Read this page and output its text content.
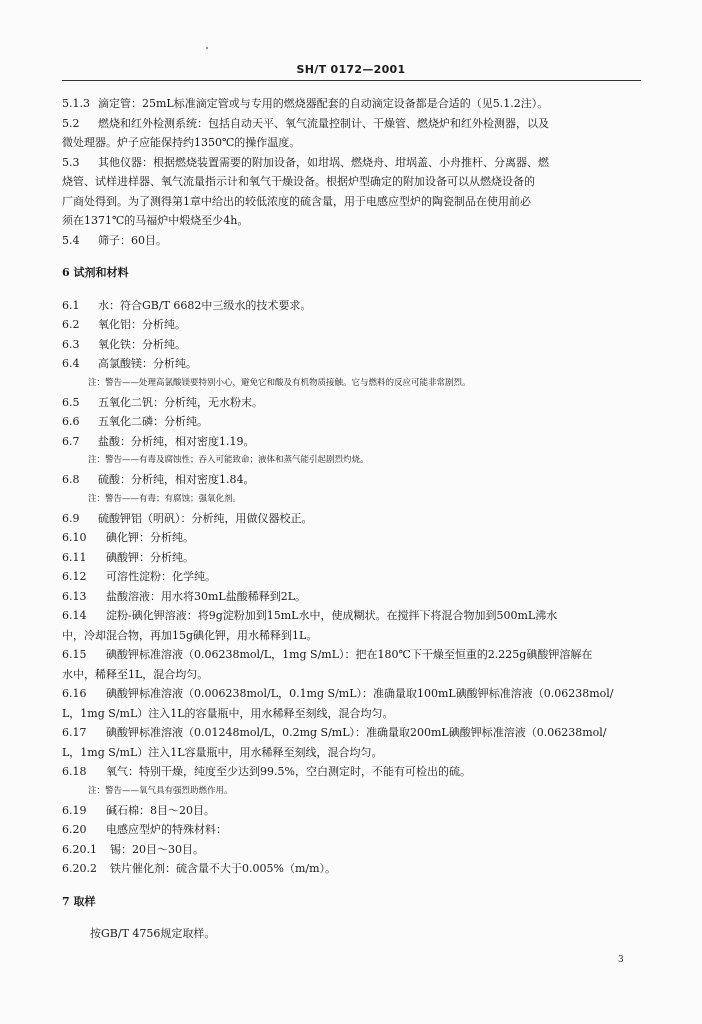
SH/T 0172—2001
5.1.3 滴定管：25mL标准滴定管或与专用的燃烧器配套的自动滴定设备都是合适的（见5.1.2注）。
5.2 燃烧和红外检测系统：包括自动天平、氧气流量控制计、干燥管、燃烧炉和红外检测器，以及
微处理器。炉子应能保持约1350℃的操作温度。
5.3 其他仪器：根据燃烧装置需要的附加设备，如坩埚、燃烧舟、坩埚盖、小舟推杆、分离器、燃
烧管、试样进样器、氧气流量指示计和氧气干燥设备。根据炉型确定的附加设备可以从燃烧设备的
厂商处得到。为了测得第1章中给出的较低浓度的硫含量，用于电感应型炉的陶瓷制品在使用前必
须在1371℃的马福炉中煅烧至少4h。
5.4 筛子：60目。
6 试剂和材料
6.1 水：符合GB/T 6682中三级水的技术要求。
6.2 氧化铝：分析纯。
6.3 氧化铁：分析纯。
6.4 高氯酸镁：分析纯。
注：警告——处理高氯酸镁要特别小心，避免它和酸及有机物质接触。它与燃料的反应可能非常剧烈。
6.5 五氧化二钒：分析纯，无水粉末。
6.6 五氧化二磷：分析纯。
6.7 盐酸：分析纯，相对密度1.19。
注：警告——有毒及腐蚀性；吞入可能致命；液体和蒸气能引起剧烈灼烧。
6.8 硫酸：分析纯，相对密度1.84。
注：警告——有毒；有腐蚀；强氧化剂。
6.9 硫酸钾铝（明矾）：分析纯，用做仪器校正。
6.10 碘化钾：分析纯。
6.11 碘酸钾：分析纯。
6.12 可溶性淀粉：化学纯。
6.13 盐酸溶液：用水将30mL盐酸稀释到2L。
6.14 淀粉-碘化钾溶液：将9g淀粉加到15mL水中，使成糊状。在搅拌下将混合物加到500mL沸水
中，冷却混合物，再加15g碘化钾，用水稀释到1L。
6.15 碘酸钾标准溶液（0.06238mol/L，1mg S/mL）：把在180℃下干燥至恒重的2.225g碘酸钾溶解在
水中，稀释至1L，混合均匀。
6.16 碘酸钾标准溶液（0.006238mol/L，0.1mg S/mL）：准确量取100mL碘酸钾标准溶液（0.06238mol/
L，1mg S/mL）注入1L的容量瓶中，用水稀释至刻线，混合均匀。
6.17 碘酸钾标准溶液（0.01248mol/L，0.2mg S/mL）：准确量取200mL碘酸钾标准溶液（0.06238mol/
L，1mg S/mL）注入1L容量瓶中，用水稀释至刻线，混合均匀。
6.18 氧气：特别干燥，纯度至少达到99.5%，空白测定时，不能有可检出的硫。
注：警告——氧气具有强烈助燃作用。
6.19 碱石棉：8目～20目。
6.20 电感应型炉的特殊材料：
6.20.1 锡：20目～30目。
6.20.2 铁片催化剂：硫含量不大于0.005%（m/m）。
7 取样
按GB/T 4756规定取样。
3
